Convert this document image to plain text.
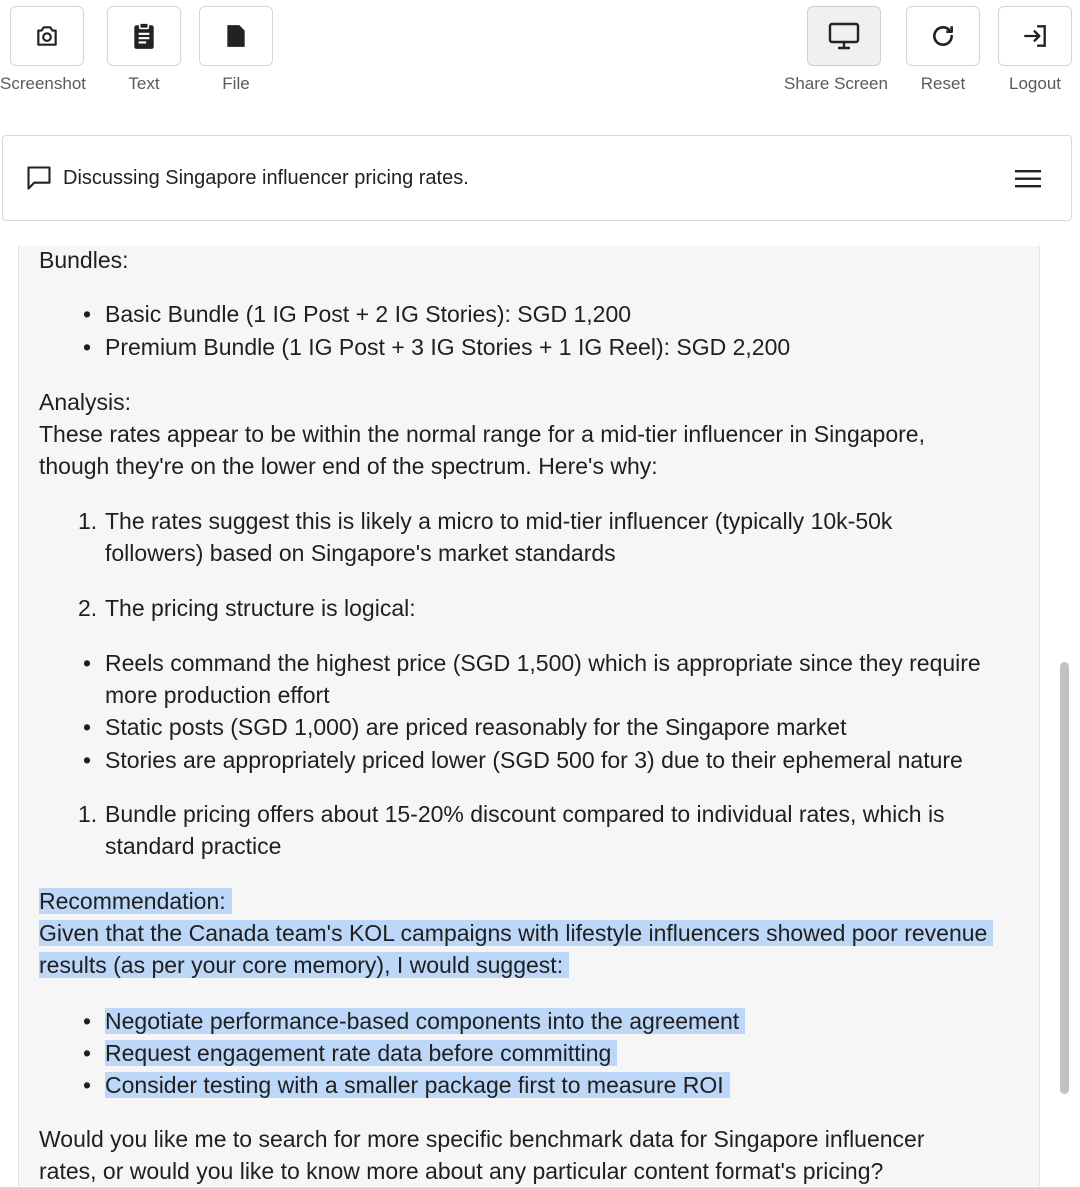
Screenshot	Text	File	Share Screen	Reset	Logout
Discussing Singapore influencer pricing rates.
Bundles:
• Basic Bundle (1 IG Post + 2 IG Stories): SGD 1,200
• Premium Bundle (1 IG Post + 3 IG Stories + 1 IG Reel): SGD 2,200
Analysis:
These rates appear to be within the normal range for a mid-tier influencer in Singapore,
though they're on the lower end of the spectrum. Here's why:
1. The rates suggest this is likely a micro to mid-tier influencer (typically 10k-50k
followers) based on Singapore's market standards
2. The pricing structure is logical:
• Reels command the highest price (SGD 1,500) which is appropriate since they require
more production effort
• Static posts (SGD 1,000) are priced reasonably for the Singapore market
• Stories are appropriately priced lower (SGD 500 for 3) due to their ephemeral nature
1. Bundle pricing offers about 15-20% discount compared to individual rates, which is
standard practice
Recommendation:
Given that the Canada team's KOL campaigns with lifestyle influencers showed poor revenue
results (as per your core memory), I would suggest:
• Negotiate performance-based components into the agreement
• Request engagement rate data before committing
• Consider testing with a smaller package first to measure ROI
Would you like me to search for more specific benchmark data for Singapore influencer
rates, or would you like to know more about any particular content format's pricing?
